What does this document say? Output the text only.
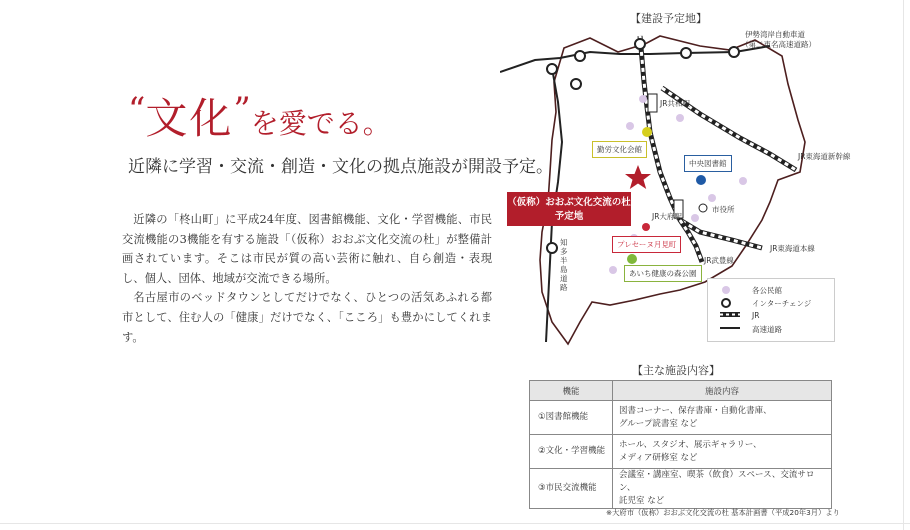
“文化”を愛でる。
近隣に学習・交流・創造・文化の拠点施設が開設予定。

近隣の「柊山町」に平成24年度、図書館機能、文化・学習機能、市民交流機能の3機能を有する施設「（仮称）おおぶ文化交流の杜」が整備計画されています。そこは市民が質の高い芸術に触れ、自ら創造・表現し、個人、団体、地域が交流できる場所。

名古屋市のベッドタウンとしてだけでなく、ひとつの活気あふれる都市として、住む人の「健康」だけでなく、「こころ」も豊かにしてくれます。

【建設予定地】
伊勢湾岸自動車道
（第二東名高速道路）
JR共和駅
JR東海道新幹線
勤労文化会館
中央図書館
市役所
JR大府駅
JR東海道本線
JR武豊線
知多半島道路
プレセーヌ月見町
あいち健康の森公園
（仮称）おおぶ文化交流の杜
予定地
各公民館
インターチェンジ
JR
高速道路
【主な施設内容】
機能	施設内容
①図書館機能	図書コーナー、保存書庫・自動化書庫、
グループ読書室 など

②文化・学習機能	ホール、スタジオ、展示ギャラリー、
メディア研修室 など

③市民交流機能	会議室・講座室、喫茶（飲食）スペース、交流サロン、
託児室 など
※大府市（仮称）おおぶ文化交流の杜 基本計画書（平成20年3月）より
